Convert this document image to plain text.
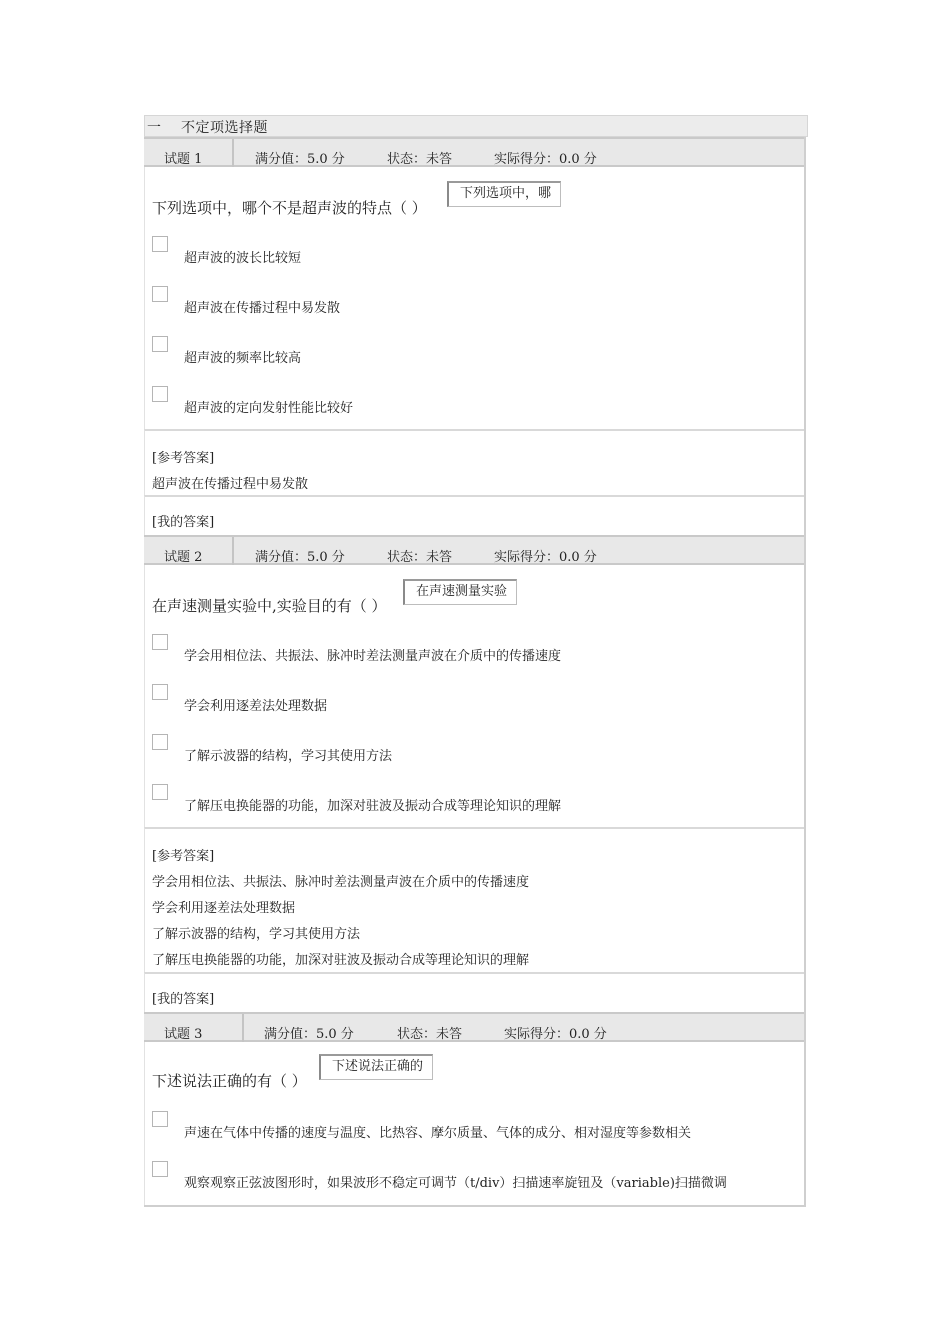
一　 不定项选择题
试题 1	满分值：5.0 分	状态：未答	实际得分：0.0 分
下列选项中，哪个不是超声波的特点（ ）
下列选项中，哪
超声波的波长比较短
超声波在传播过程中易发散
超声波的频率比较高
超声波的定向发射性能比较好
[参考答案]
超声波在传播过程中易发散
[我的答案]
试题 2	满分值：5.0 分	状态：未答	实际得分：0.0 分
在声速测量实验中,实验目的有（ ）
在声速测量实验
学会用相位法、共振法、脉冲时差法测量声波在介质中的传播速度
学会利用逐差法处理数据
了解示波器的结构，学习其使用方法
了解压电换能器的功能，加深对驻波及振动合成等理论知识的理解
[参考答案]
学会用相位法、共振法、脉冲时差法测量声波在介质中的传播速度
学会利用逐差法处理数据
了解示波器的结构，学习其使用方法
了解压电换能器的功能，加深对驻波及振动合成等理论知识的理解
[我的答案]
试题 3	满分值：5.0 分	状态：未答	实际得分：0.0 分
下述说法正确的有（ ）
下述说法正确的
声速在气体中传播的速度与温度、比热容、摩尔质量、气体的成分、相对湿度等参数相关
观察观察正弦波图形时，如果波形不稳定可调节（t/div）扫描速率旋钮及（variable)扫描微调
